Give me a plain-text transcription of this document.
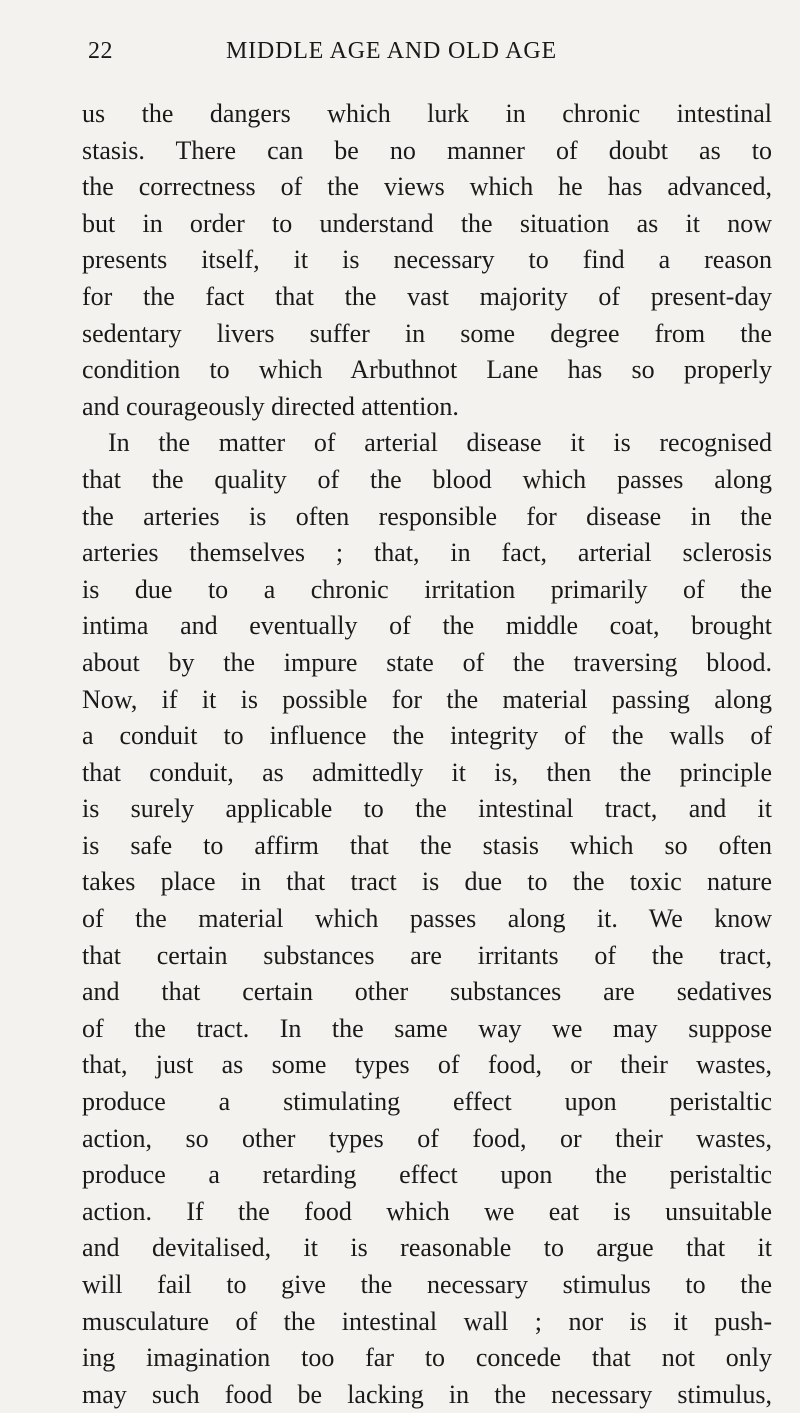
22	MIDDLE AGE AND OLD AGE
us the dangers which lurk in chronic intestinal
stasis. There can be no manner of doubt as to
the correctness of the views which he has advanced,
but in order to understand the situation as it now
presents itself, it is necessary to find a reason
for the fact that the vast majority of present-day
sedentary livers suffer in some degree from the
condition to which Arbuthnot Lane has so properly
and courageously directed attention.
In the matter of arterial disease it is recognised
that the quality of the blood which passes along
the arteries is often responsible for disease in the
arteries themselves ; that, in fact, arterial sclerosis
is due to a chronic irritation primarily of the
intima and eventually of the middle coat, brought
about by the impure state of the traversing blood.
Now, if it is possible for the material passing along
a conduit to influence the integrity of the walls of
that conduit, as admittedly it is, then the principle
is surely applicable to the intestinal tract, and it
is safe to affirm that the stasis which so often
takes place in that tract is due to the toxic nature
of the material which passes along it. We know
that certain substances are irritants of the tract,
and that certain other substances are sedatives
of the tract. In the same way we may suppose
that, just as some types of food, or their wastes,
produce a stimulating effect upon peristaltic
action, so other types of food, or their wastes,
produce a retarding effect upon the peristaltic
action. If the food which we eat is unsuitable
and devitalised, it is reasonable to argue that it
will fail to give the necessary stimulus to the
musculature of the intestinal wall ; nor is it push-
ing imagination too far to concede that not only
may such food be lacking in the necessary stimulus,
